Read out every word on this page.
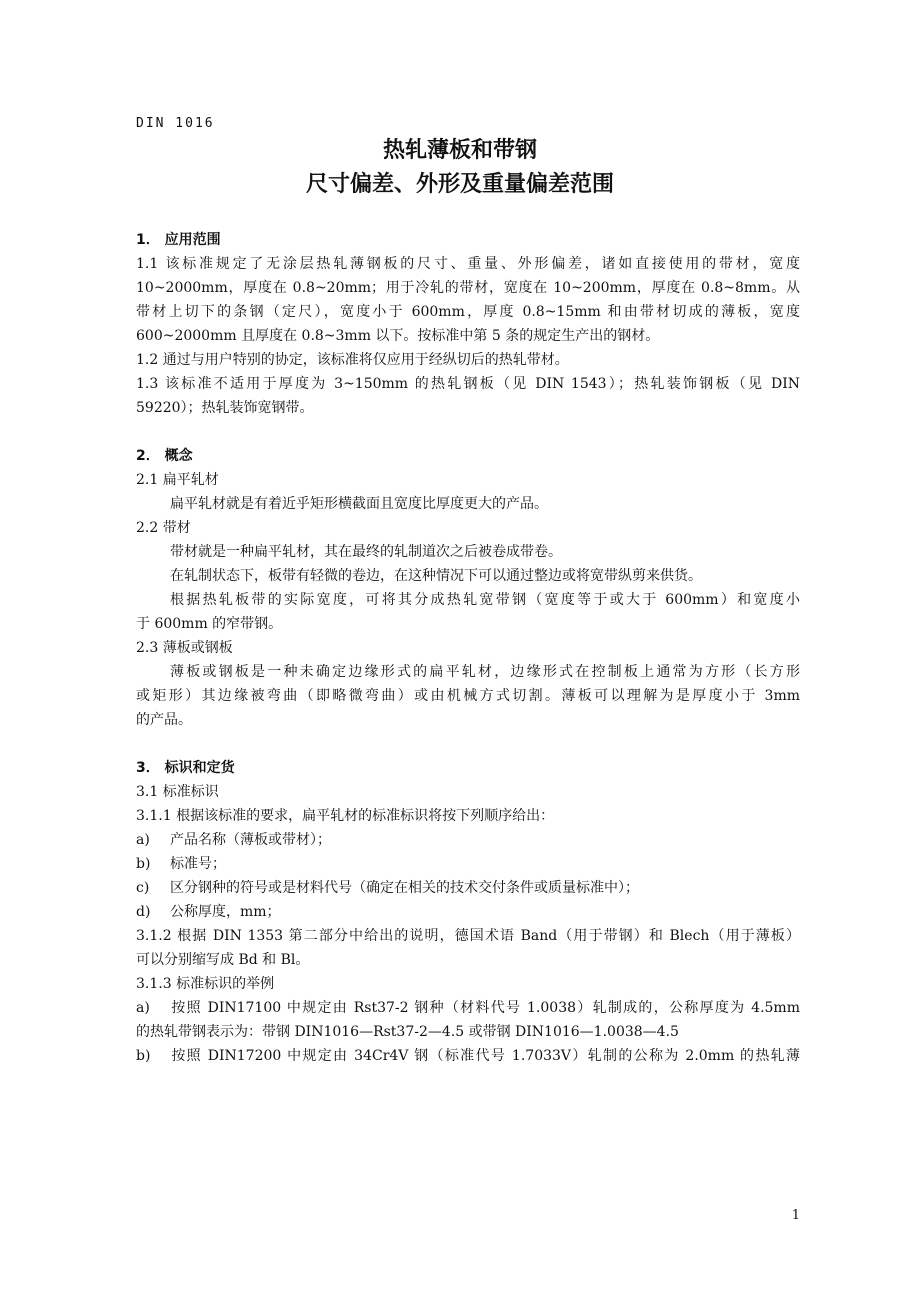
DIN 1016
热轧薄板和带钢
尺寸偏差、外形及重量偏差范围
1． 应用范围
1.1 该标准规定了无涂层热轧薄钢板的尺寸、重量、外形偏差，诸如直接使用的带材，宽度
10~2000mm，厚度在 0.8~20mm；用于冷轧的带材，宽度在 10~200mm，厚度在 0.8~8mm。从
带材上切下的条钢（定尺），宽度小于 600mm，厚度 0.8~15mm 和由带材切成的薄板，宽度
600~2000mm 且厚度在 0.8~3mm 以下。按标准中第 5 条的规定生产出的钢材。
1.2 通过与用户特别的协定，该标准将仅应用于经纵切后的热轧带材。
1.3 该标准不适用于厚度为 3~150mm 的热轧钢板（见 DIN 1543）；热轧装饰钢板（见 DIN
59220）；热轧装饰宽钢带。
2． 概念
2.1 扁平轧材
扁平轧材就是有着近乎矩形横截面且宽度比厚度更大的产品。
2.2 带材
带材就是一种扁平轧材，其在最终的轧制道次之后被卷成带卷。
在轧制状态下，板带有轻微的卷边，在这种情况下可以通过整边或将宽带纵剪来供货。
根据热轧板带的实际宽度，可将其分成热轧宽带钢（宽度等于或大于 600mm）和宽度小
于 600mm 的窄带钢。
2.3 薄板或钢板
薄板或钢板是一种未确定边缘形式的扁平轧材，边缘形式在控制板上通常为方形（长方形
或矩形）其边缘被弯曲（即略微弯曲）或由机械方式切割。薄板可以理解为是厚度小于 3mm
的产品。
3． 标识和定货
3.1 标准标识
3.1.1 根据该标准的要求，扁平轧材的标准标识将按下列顺序给出：
a) 产品名称（薄板或带材）；
b) 标准号；
c) 区分钢种的符号或是材料代号（确定在相关的技术交付条件或质量标准中）；
d) 公称厚度，mm；
3.1.2 根据 DIN 1353 第二部分中给出的说明，德国术语 Band（用于带钢）和 Blech（用于薄板）
可以分别缩写成 Bd 和 Bl。
3.1.3 标准标识的举例
a) 按照 DIN17100 中规定由 Rst37-2 钢种（材料代号 1.0038）轧制成的，公称厚度为 4.5mm
的热轧带钢表示为：带钢 DIN1016—Rst37-2—4.5 或带钢 DIN1016—1.0038—4.5
b) 按照 DIN17200 中规定由 34Cr4V 钢（标准代号 1.7033V）轧制的公称为 2.0mm 的热轧薄
1
